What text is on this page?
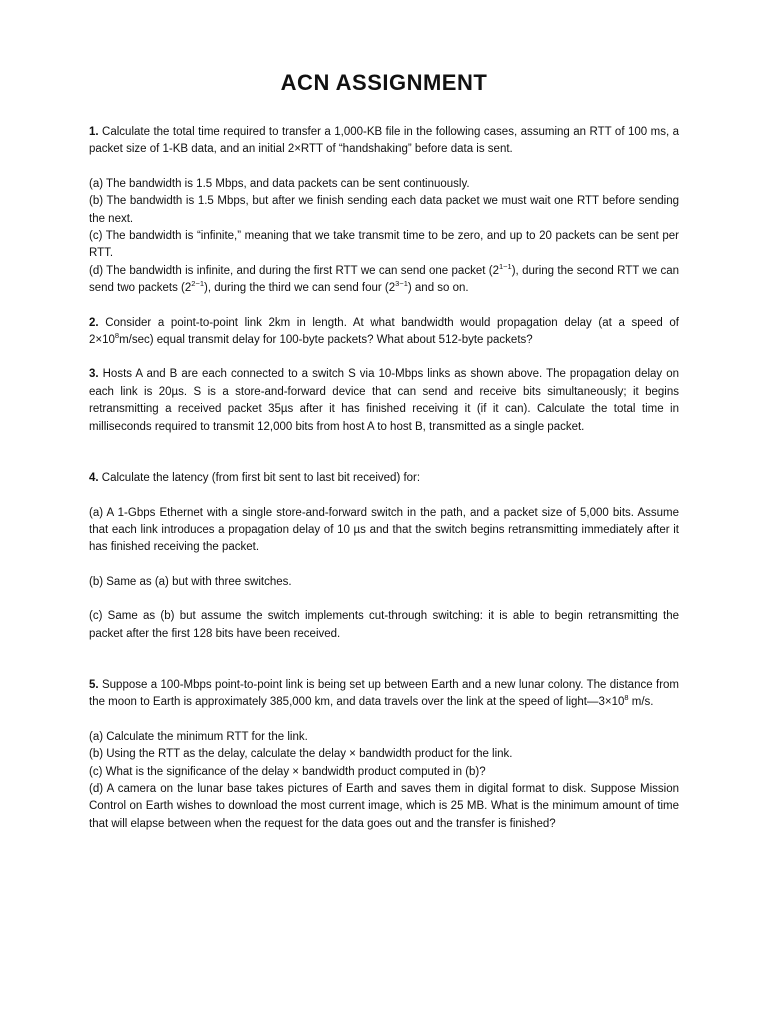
ACN ASSIGNMENT

1. Calculate the total time required to transfer a 1,000-KB file in the following cases, assuming an RTT of 100 ms, a packet size of 1-KB data, and an initial 2×RTT of “handshaking” before data is sent.

(a) The bandwidth is 1.5 Mbps, and data packets can be sent continuously.

(b) The bandwidth is 1.5 Mbps, but after we finish sending each data packet we must wait one RTT before sending the next.

(c) The bandwidth is “infinite,” meaning that we take transmit time to be zero, and up to 20 packets can be sent per RTT.

(d) The bandwidth is infinite, and during the first RTT we can send one packet $(2^{1-1})$, during the second RTT we can send two packets $(2^{2-1})$, during the third we can send four $(2^{3-1})$ and so on.

2. Consider a point-to-point link 2km in length. At what bandwidth would propagation delay (at a speed of $2\times 10^8m/\sec$) equal transmit delay for 100-byte packets? What about 512-byte packets?

3. Hosts A and B are each connected to a switch S via 10-Mbps links as shown above. The propagation delay on each link is 20µs. S is a store-and-forward device that can send and receive bits simultaneously; it begins retransmitting a received packet 35µs after it has finished receiving it (if it can). Calculate the total time in milliseconds required to transmit 12,000 bits from host A to host B, transmitted as a single packet.

4. Calculate the latency (from first bit sent to last bit received) for:

(a) A 1-Gbps Ethernet with a single store-and-forward switch in the path, and a packet size of 5,000 bits. Assume that each link introduces a propagation delay of 10 µs and that the switch begins retransmitting immediately after it has finished receiving the packet.

(b) Same as (a) but with three switches.

(c) Same as (b) but assume the switch implements cut-through switching: it is able to begin retransmitting the packet after the first 128 bits have been received.

5. Suppose a 100-Mbps point-to-point link is being set up between Earth and a new lunar colony. The distance from the moon to Earth is approximately 385,000 km, and data travels over the link at the speed of $light—3\times 10^8$ m/s.

(a) Calculate the minimum RTT for the link.

(b) Using the RTT as the delay, calculate the delay × bandwidth product for the link.

(c) What is the significance of the delay × bandwidth product computed in (b)?

(d) A camera on the lunar base takes pictures of Earth and saves them in digital format to disk. Suppose Mission Control on Earth wishes to download the most current image, which is 25 MB. What is the minimum amount of time that will elapse between when the request for the data goes out and the transfer is finished?
